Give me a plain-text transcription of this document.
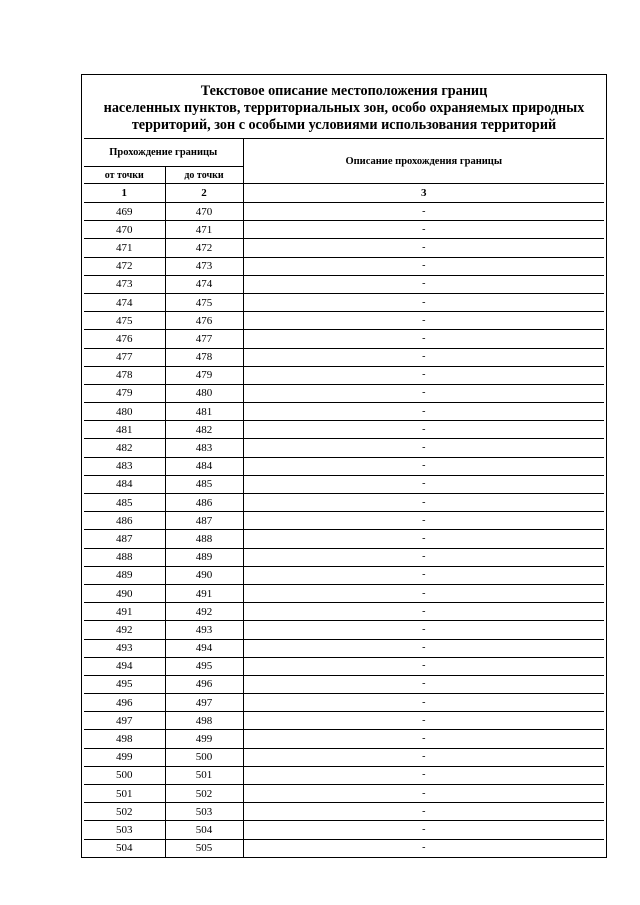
Текстовое описание местоположения границ
населенных пунктов, территориальных зон, особо охраняемых природных
территорий, зон с особыми условиями использования территорий
Прохождение границы		Описание прохождения границы
от точки	до точки	
1	2	3
469	470	-
470	471	-
471	472	-
472	473	-
473	474	-
474	475	-
475	476	-
476	477	-
477	478	-
478	479	-
479	480	-
480	481	-
481	482	-
482	483	-
483	484	-
484	485	-
485	486	-
486	487	-
487	488	-
488	489	-
489	490	-
490	491	-
491	492	-
492	493	-
493	494	-
494	495	-
495	496	-
496	497	-
497	498	-
498	499	-
499	500	-
500	501	-
501	502	-
502	503	-
503	504	-
504	505	-
